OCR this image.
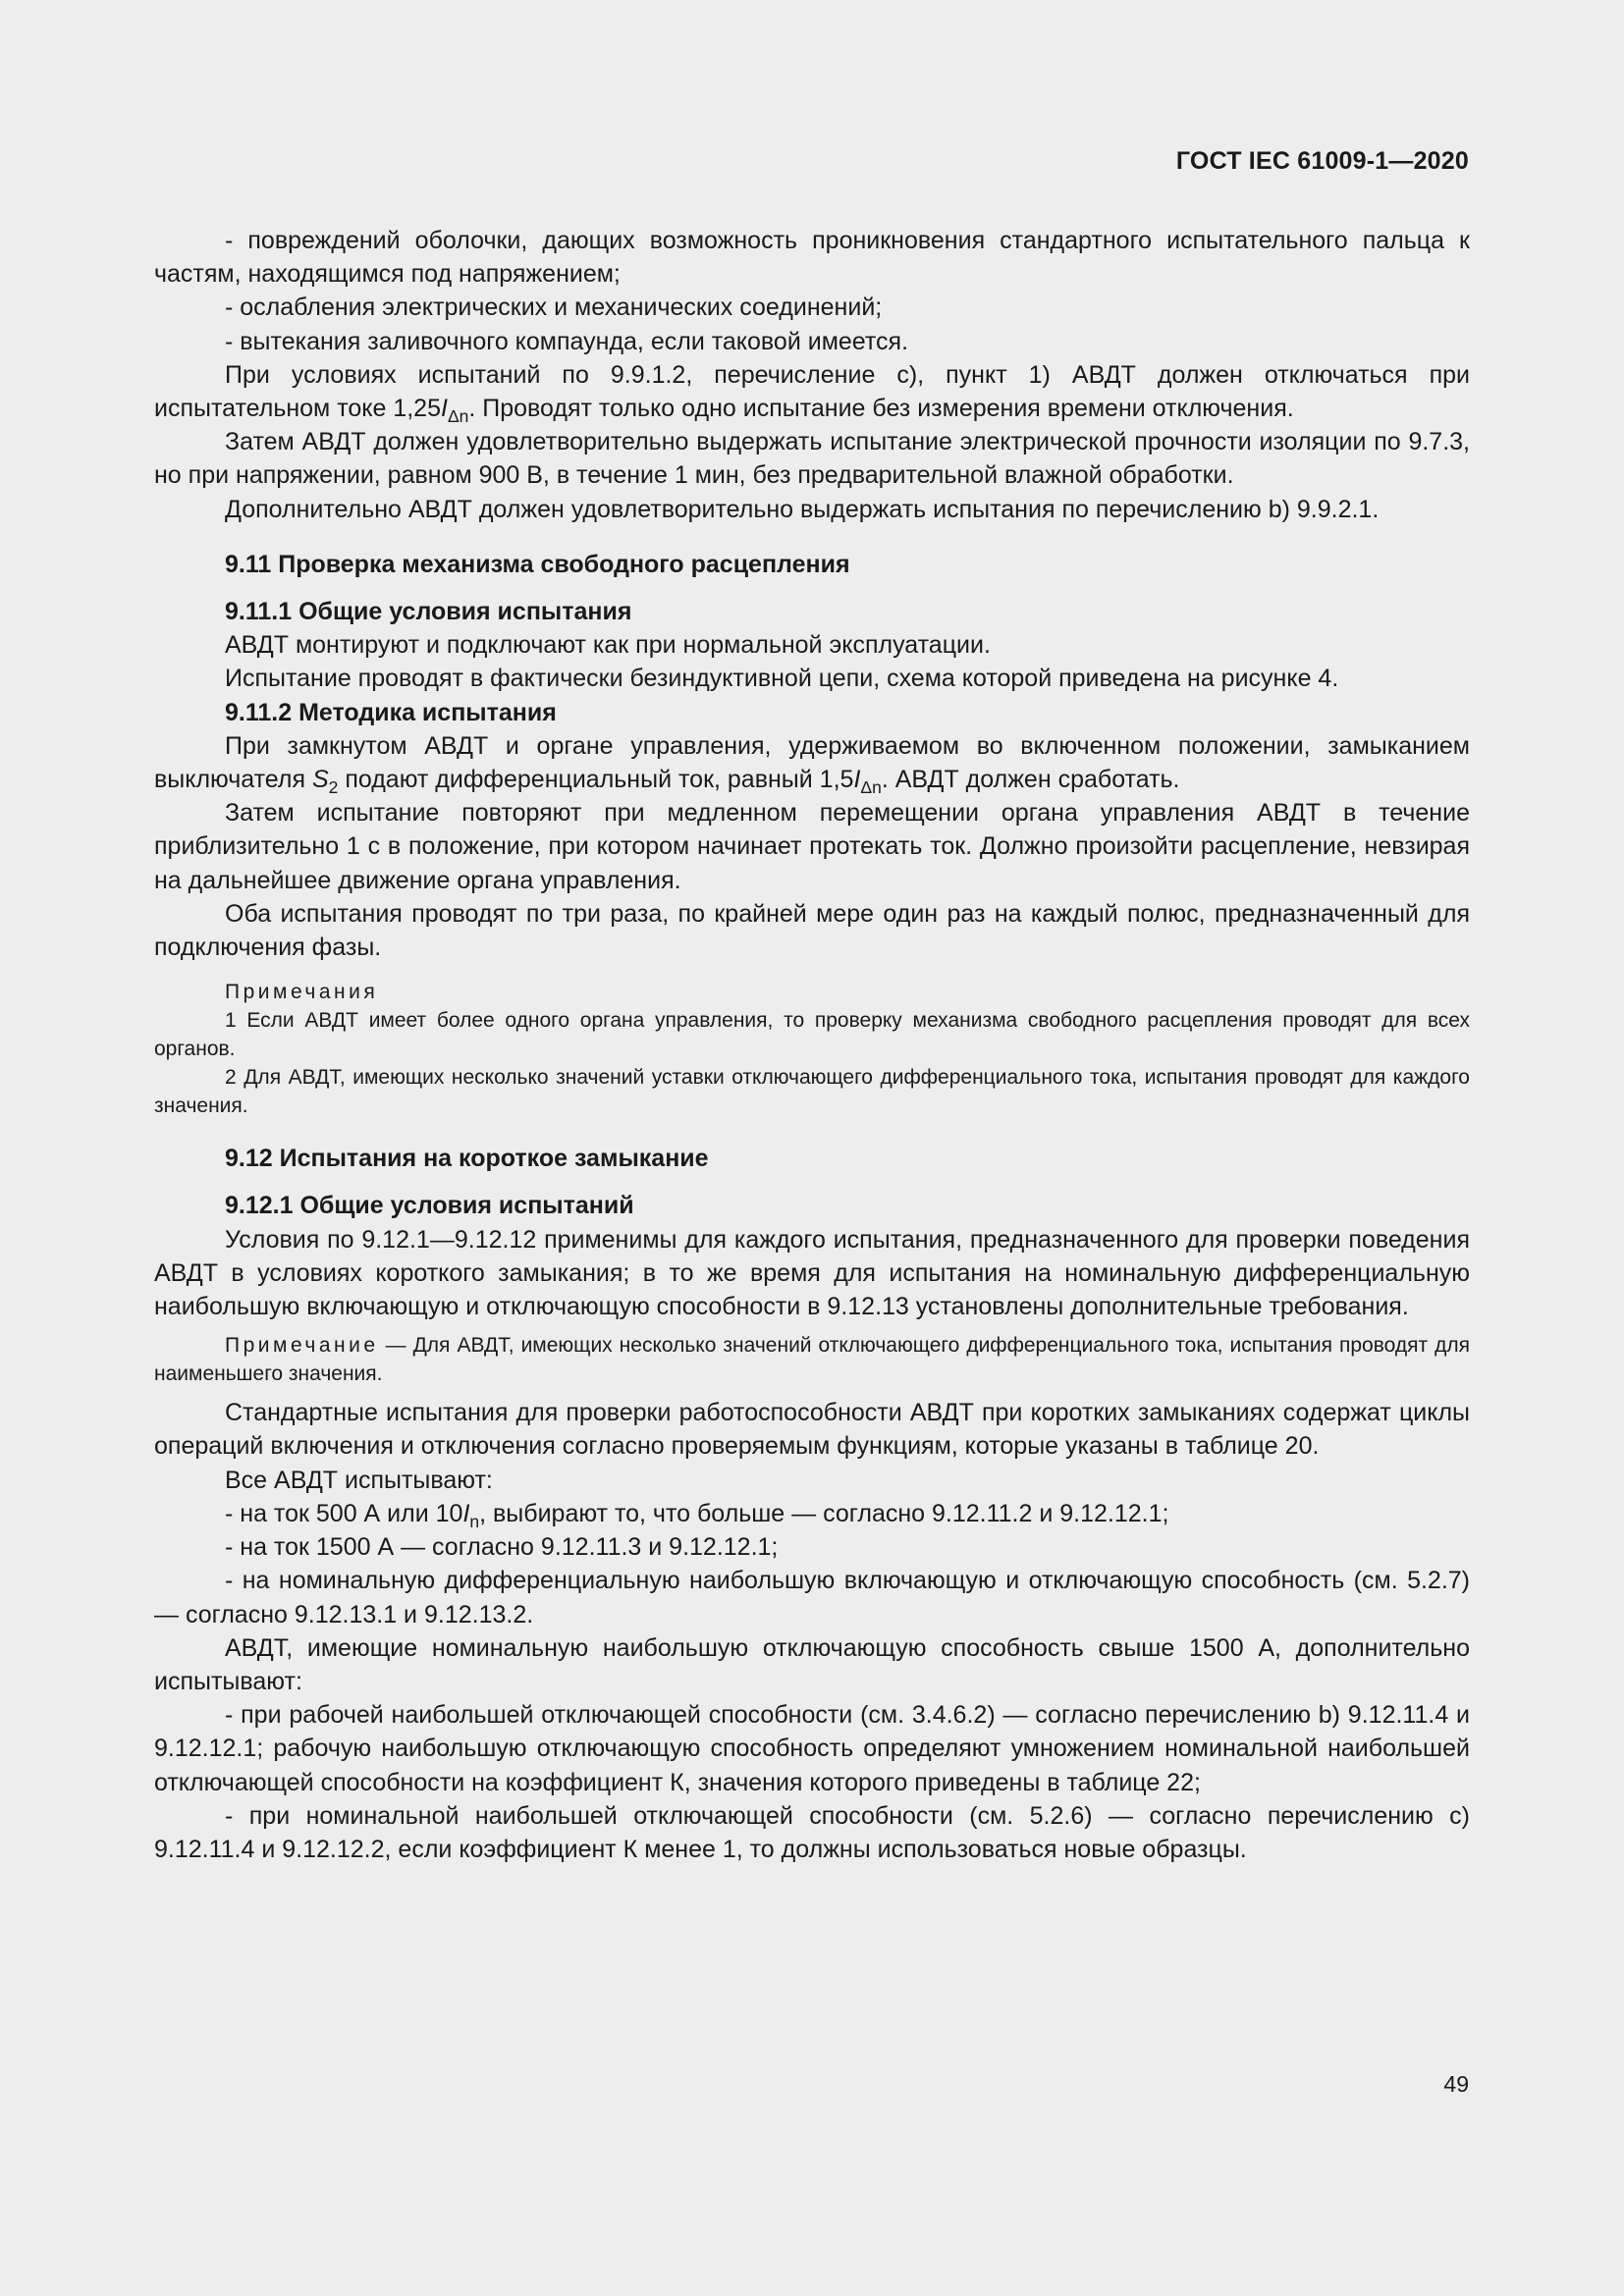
ГОСТ IEC 61009-1—2020

- повреждений оболочки, дающих возможность проникновения стандартного испытательного пальца к частям, находящимся под напряжением;

- ослабления электрических и механических соединений;

- вытекания заливочного компаунда, если таковой имеется.

При условиях испытаний по 9.9.1.2, перечисление с), пункт 1) АВДТ должен отключаться при испытательном токе $1,25I_{\Delta n}$. Проводят только одно испытание без измерения времени отключения.

Затем АВДТ должен удовлетворительно выдержать испытание электрической прочности изоляции по 9.7.3, но при напряжении, равном 900 В, в течение 1 мин, без предварительной влажной обработки.

Дополнительно АВДТ должен удовлетворительно выдержать испытания по перечислению b) 9.9.2.1.

9.11 Проверка механизма свободного расцепления
9.11.1 Общие условия испытания

АВДТ монтируют и подключают как при нормальной эксплуатации.

Испытание проводят в фактически безиндуктивной цепи, схема которой приведена на рисунке 4.

9.11.2 Методика испытания

При замкнутом АВДТ и органе управления, удерживаемом во включенном положении, замыканием выключателя $S_2$ подают дифференциальный ток, равный $1,5I_{\Delta n}$. АВДТ должен сработать.

Затем испытание повторяют при медленном перемещении органа управления АВДТ в течение приблизительно 1 с в положение, при котором начинает протекать ток. Должно произойти расцепление, невзирая на дальнейшее движение органа управления.

Оба испытания проводят по три раза, по крайней мере один раз на каждый полюс, предназначенный для подключения фазы.

Примечания

1 Если АВДТ имеет более одного органа управления, то проверку механизма свободного расцепления проводят для всех органов.

2 Для АВДТ, имеющих несколько значений уставки отключающего дифференциального тока, испытания проводят для каждого значения.

9.12 Испытания на короткое замыкание
9.12.1 Общие условия испытаний

Условия по 9.12.1—9.12.12 применимы для каждого испытания, предназначенного для проверки поведения АВДТ в условиях короткого замыкания; в то же время для испытания на номинальную дифференциальную наибольшую включающую и отключающую способности в 9.12.13 установлены дополнительные требования.

Примечание — Для АВДТ, имеющих несколько значений отключающего дифференциального тока, испытания проводят для наименьшего значения.

Стандартные испытания для проверки работоспособности АВДТ при коротких замыканиях содержат циклы операций включения и отключения согласно проверяемым функциям, которые указаны в таблице 20.

Все АВДТ испытывают:

- на ток 500 А или $10I_n$, выбирают то, что больше — согласно 9.12.11.2 и 9.12.12.1;

- на ток 1500 А — согласно 9.12.11.3 и 9.12.12.1;

- на номинальную дифференциальную наибольшую включающую и отключающую способность (см. 5.2.7) — согласно 9.12.13.1 и 9.12.13.2.

АВДТ, имеющие номинальную наибольшую отключающую способность свыше 1500 А, дополнительно испытывают:

- при рабочей наибольшей отключающей способности (см. 3.4.6.2) — согласно перечислению b) 9.12.11.4 и 9.12.12.1; рабочую наибольшую отключающую способность определяют умножением номинальной наибольшей отключающей способности на коэффициент К, значения которого приведены в таблице 22;

- при номинальной наибольшей отключающей способности (см. 5.2.6) — согласно перечислению с) 9.12.11.4 и 9.12.12.2, если коэффициент К менее 1, то должны использоваться новые образцы.

49
